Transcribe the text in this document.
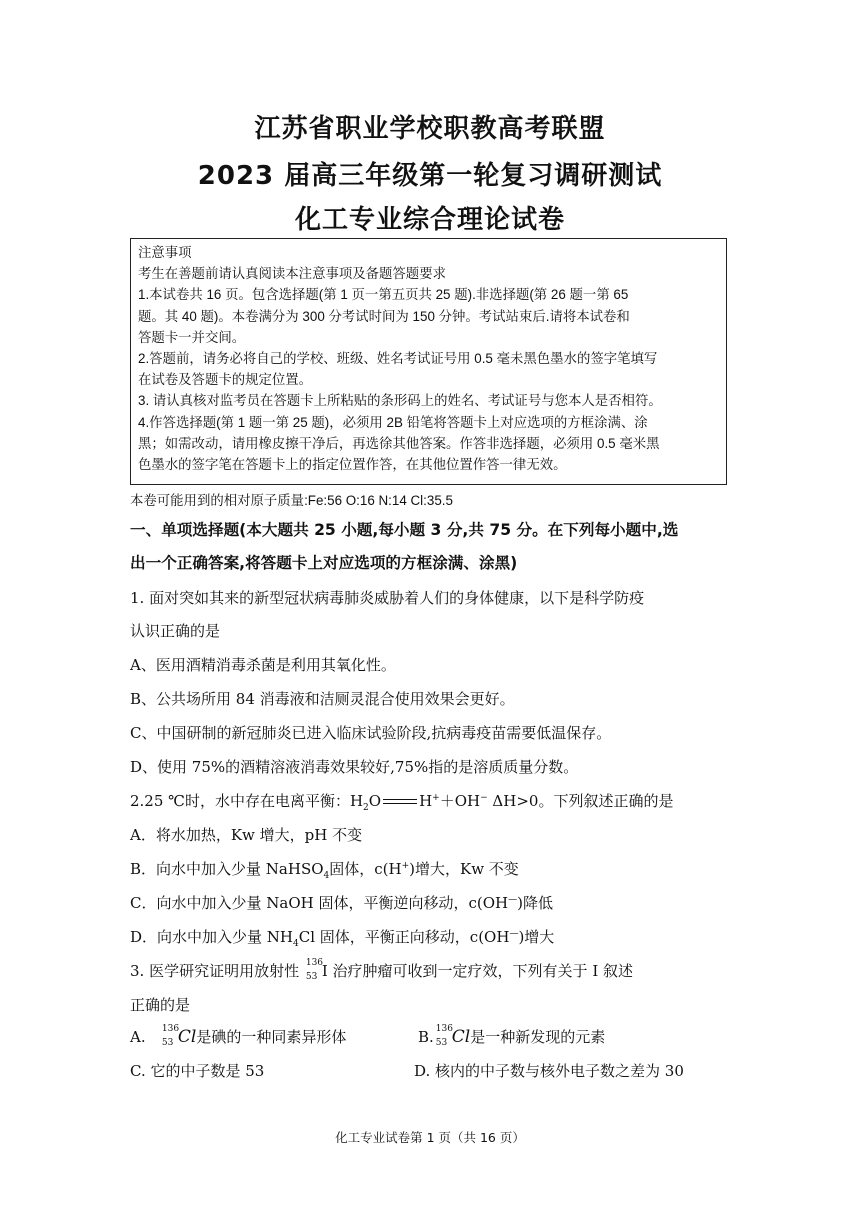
江苏省职业学校职教高考联盟
2023 届高三年级第一轮复习调研测试
化工专业综合理论试卷
注意事项
考生在善题前请认真阅读本注意事项及备题答题要求
1.本试卷共 16 页。包含选择题(第 1 页一第五页共 25 题).非选择题(第 26 题一第 65
题。其 40 题)。本卷满分为 300 分考试时间为 150 分钟。考试站束后.请将本试卷和
答题卡一并交间。
2.答题前，请务必将自己的学校、班级、姓名考试证号用 0.5 毫未黑色墨水的签字笔填写
在试卷及答题卡的规定位置。
3. 请认真核对监考员在答题卡上所粘贴的条形码上的姓名、考试证号与您本人是否相符。
4.作答选择题(第 1 题一第 25 题)，必须用 2B 铅笔将答题卡上对应选项的方框涂满、涂
黑；如需改动，请用橡皮擦干净后，再选徐其他答案。作答非选择题，必须用 0.5 毫米黑
色墨水的签字笔在答题卡上的指定位置作答，在其他位置作答一律无效。
本卷可能用到的相对原子质量:Fe:56 O:16 N:14 Cl:35.5
一、单项选择题(本大题共 25 小题,每小题 3 分,共 75 分。在下列每小题中,选
出一个正确答案,将答题卡上对应选项的方框涂满、涂黑)
1. 面对突如其来的新型冠状病毒肺炎威胁着人们的身体健康，以下是科学防疫
认识正确的是
A、医用酒精消毒杀菌是利用其氧化性。
B、公共场所用 84 消毒液和洁厕灵混合使用效果会更好。
C、中国研制的新冠肺炎已进入临床试验阶段,抗病毒疫苗需要低温保存。
D、使用 75%的酒精溶液消毒效果较好,75%指的是溶质质量分数。
2.25 ℃时，水中存在电离平衡：$H_2O$	H+＋OH− ΔH>0。下列叙述正确的是
A．将水加热，Kw 增大，pH 不变
B．向水中加入少量 NaHSO$_4$固体，c(H+)增大，Kw 不变
C．向水中加入少量 NaOH 固体，平衡逆向移动，c(OH—)降低
D．向水中加入少量 $NH_4Cl$ 固体，平衡正向移动，c(OH—)增大
3. 医学研究证明用放射性 136
53 I 治疗肿瘤可收到一定疗效，下列有关于 I 叙述
正确的是
A. 136
53 Cl是碘的一种同素异形体	B. 136
53 Cl是一种新发现的元素
C. 它的中子数是 53	D. 核内的中子数与核外电子数之差为 30
化工专业试卷第 1 页（共 16 页）
